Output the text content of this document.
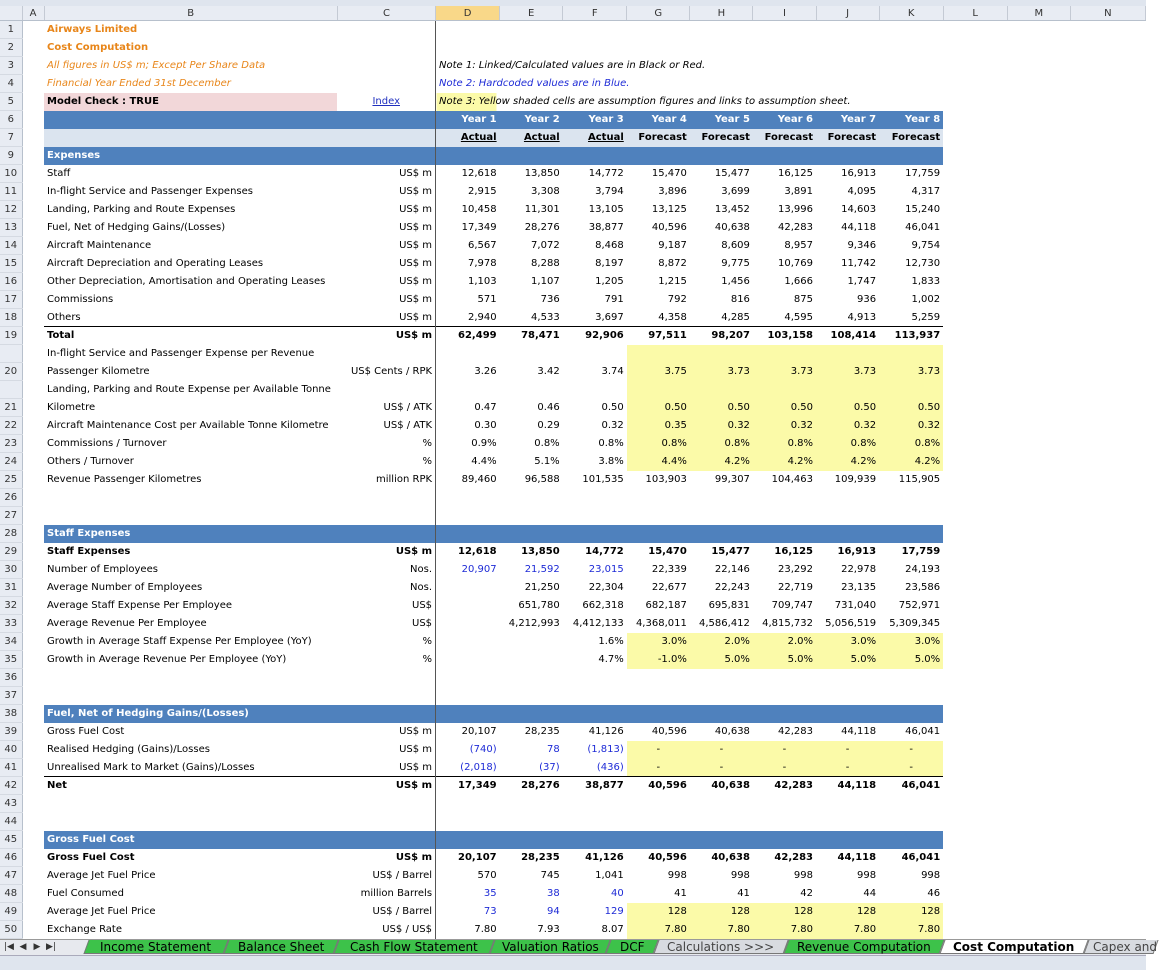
	A	B	C	D	E	F	G	H	I	J	K	L	M	N
1		Airways Limited												
2		Cost Computation												
3		All figures in US$ m; Except Per Share Data		Note 1: Linked/Calculated values are in Black or Red.										
4		Financial Year Ended 31st December		Note 2: Hardcoded values are in Blue.										
5		Model Check : TRUE	Index	Note 3: Yellow shaded cells are assumption figures and links to assumption sheet.										
6				Year 1	Year 2	Year 3	Year 4	Year 5	Year 6	Year 7	Year 8			
7				Actual	Actual	Actual	Forecast	Forecast	Forecast	Forecast	Forecast			
9		Expenses												
10		Staff	US$ m	12,618	13,850	14,772	15,470	15,477	16,125	16,913	17,759			
11		In-flight Service and Passenger Expenses	US$ m	2,915	3,308	3,794	3,896	3,699	3,891	4,095	4,317			
12		Landing, Parking and Route Expenses	US$ m	10,458	11,301	13,105	13,125	13,452	13,996	14,603	15,240			
13		Fuel, Net of Hedging Gains/(Losses)	US$ m	17,349	28,276	38,877	40,596	40,638	42,283	44,118	46,041			
14		Aircraft Maintenance	US$ m	6,567	7,072	8,468	9,187	8,609	8,957	9,346	9,754			
15		Aircraft Depreciation and Operating Leases	US$ m	7,978	8,288	8,197	8,872	9,775	10,769	11,742	12,730			
16		Other Depreciation, Amortisation and Operating Leases	US$ m	1,103	1,107	1,205	1,215	1,456	1,666	1,747	1,833			
17		Commissions	US$ m	571	736	791	792	816	875	936	1,002			
18		Others	US$ m	2,940	4,533	3,697	4,358	4,285	4,595	4,913	5,259			
19		Total	US$ m	62,499	78,471	92,906	97,511	98,207	103,158	108,414	113,937			
		In-flight Service and Passenger Expense per Revenue												
20		Passenger Kilometre	US$ Cents / RPK	3.26	3.42	3.74	3.75	3.73	3.73	3.73	3.73			
		Landing, Parking and Route Expense per Available Tonne												
21		Kilometre	US$ / ATK	0.47	0.46	0.50	0.50	0.50	0.50	0.50	0.50			
22		Aircraft Maintenance Cost per Available Tonne Kilometre	US$ / ATK	0.30	0.29	0.32	0.35	0.32	0.32	0.32	0.32			
23		Commissions / Turnover	%	0.9%	0.8%	0.8%	0.8%	0.8%	0.8%	0.8%	0.8%			
24		Others / Turnover	%	4.4%	5.1%	3.8%	4.4%	4.2%	4.2%	4.2%	4.2%			
25		Revenue Passenger Kilometres	million RPK	89,460	96,588	101,535	103,903	99,307	104,463	109,939	115,905			
26														
27														
28		Staff Expenses												
29		Staff Expenses	US$ m	12,618	13,850	14,772	15,470	15,477	16,125	16,913	17,759			
30		Number of Employees	Nos.	20,907	21,592	23,015	22,339	22,146	23,292	22,978	24,193			
31		Average Number of Employees	Nos.		21,250	22,304	22,677	22,243	22,719	23,135	23,586			
32		Average Staff Expense Per Employee	US$		651,780	662,318	682,187	695,831	709,747	731,040	752,971			
33		Average Revenue Per Employee	US$		4,212,993	4,412,133	4,368,011	4,586,412	4,815,732	5,056,519	5,309,345			
34		Growth in Average Staff Expense Per Employee (YoY)	%			1.6%	3.0%	2.0%	2.0%	3.0%	3.0%			
35		Growth in Average Revenue Per Employee (YoY)	%			4.7%	-1.0%	5.0%	5.0%	5.0%	5.0%			
36														
37														
38		Fuel, Net of Hedging Gains/(Losses)												
39		Gross Fuel Cost	US$ m	20,107	28,235	41,126	40,596	40,638	42,283	44,118	46,041			
40		Realised Hedging (Gains)/Losses	US$ m	(740)	78	(1,813)	-	-	-	-	-			
41		Unrealised Mark to Market (Gains)/Losses	US$ m	(2,018)	(37)	(436)	-	-	-	-	-			
42		Net	US$ m	17,349	28,276	38,877	40,596	40,638	42,283	44,118	46,041			
43														
44														
45		Gross Fuel Cost												
46		Gross Fuel Cost	US$ m	20,107	28,235	41,126	40,596	40,638	42,283	44,118	46,041			
47		Average Jet Fuel Price	US$ / Barrel	570	745	1,041	998	998	998	998	998			
48		Fuel Consumed	million Barrels	35	38	40	41	41	42	44	46			
49		Average Jet Fuel Price	US$ / Barrel	73	94	129	128	128	128	128	128			
50		Exchange Rate	US$ / US$	7.80	7.93	8.07	7.80	7.80	7.80	7.80	7.80			
|◀ ◀ ▶ ▶|	Income Statement	Balance Sheet	Cash Flow Statement	Valuation Ratios	DCF	Calculations >>>	Revenue Computation	Cost Computation	Capex and
